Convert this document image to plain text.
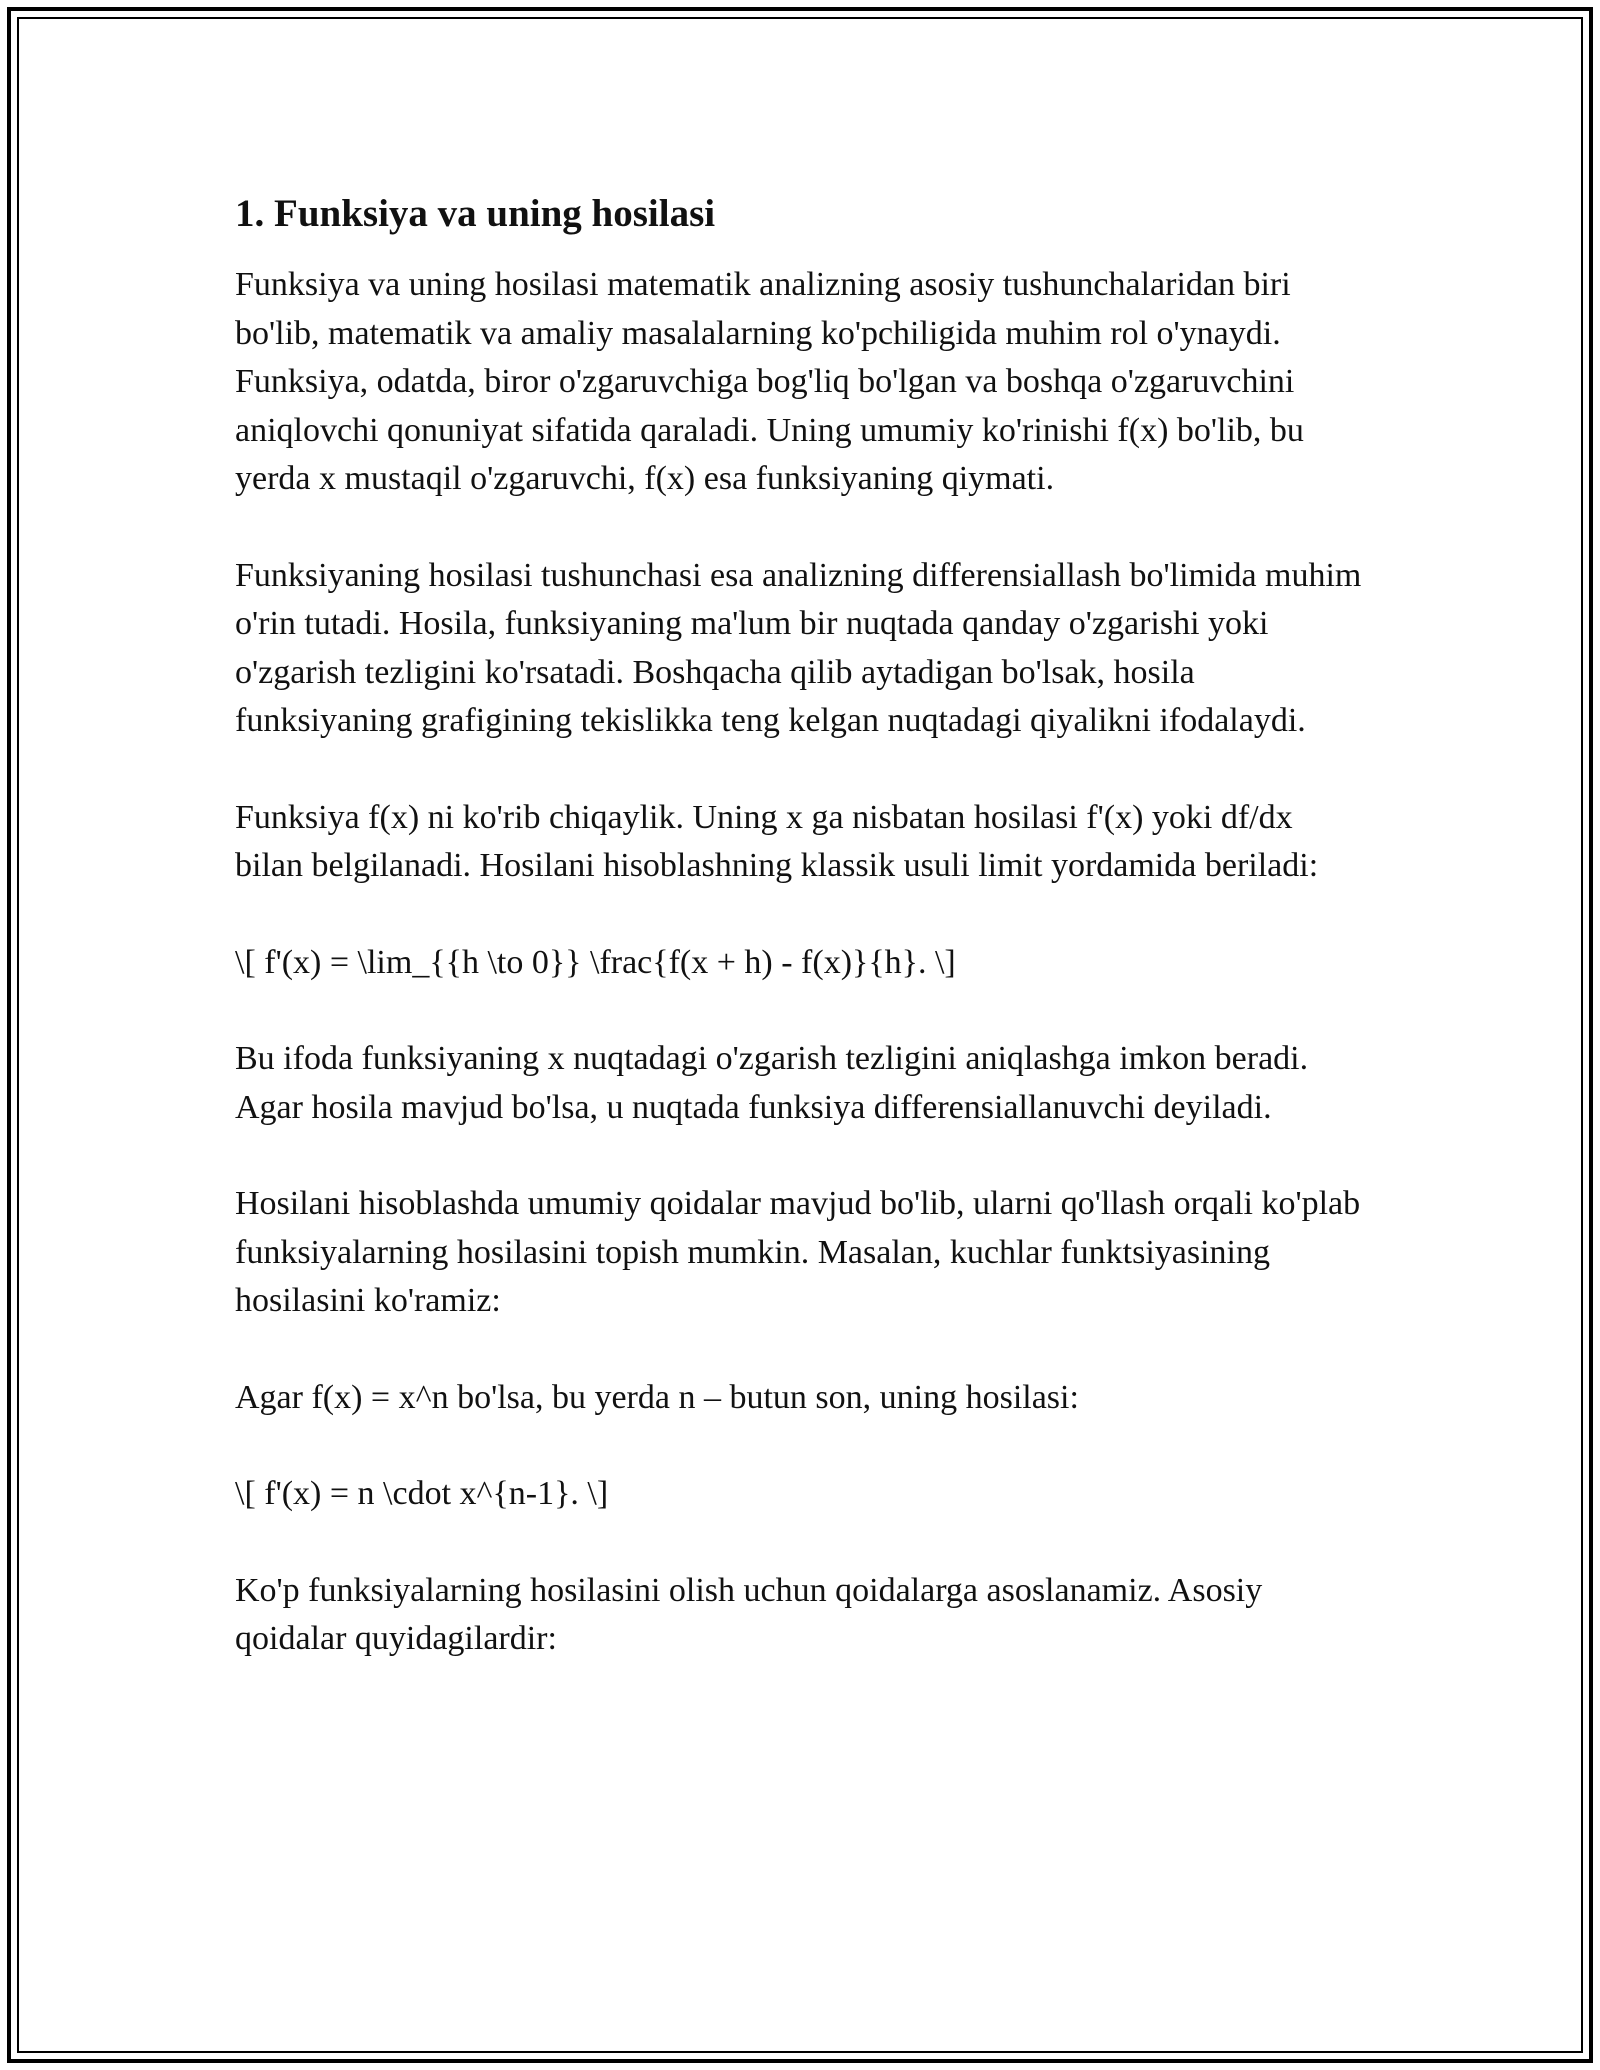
1. Funksiya va uning hosilasi

Funksiya va uning hosilasi matematik analizning asosiy tushunchalaridan biri bo'lib, matematik va amaliy masalalarning ko'pchiligida muhim rol o'ynaydi. Funksiya, odatda, biror o'zgaruvchiga bog'liq bo'lgan va boshqa o'zgaruvchini aniqlovchi qonuniyat sifatida qaraladi. Uning umumiy ko'rinishi f(x) bo'lib, bu yerda x mustaqil o'zgaruvchi, f(x) esa funksiyaning qiymati.

Funksiyaning hosilasi tushunchasi esa analizning differensiallash bo'limida muhim o'rin tutadi. Hosila, funksiyaning ma'lum bir nuqtada qanday o'zgarishi yoki o'zgarish tezligini ko'rsatadi. Boshqacha qilib aytadigan bo'lsak, hosila funksiyaning grafigining tekislikka teng kelgan nuqtadagi qiyalikni ifodalaydi.

Funksiya f(x) ni ko'rib chiqaylik. Uning x ga nisbatan hosilasi f'(x) yoki df/dx bilan belgilanadi. Hosilani hisoblashning klassik usuli limit yordamida beriladi:

\[ f'(x) = \lim_{{h \to 0}} \frac{f(x + h) - f(x)}{h}. \]

Bu ifoda funksiyaning x nuqtadagi o'zgarish tezligini aniqlashga imkon beradi. Agar hosila mavjud bo'lsa, u nuqtada funksiya differensiallanuvchi deyiladi.

Hosilani hisoblashda umumiy qoidalar mavjud bo'lib, ularni qo'llash orqali ko'plab funksiyalarning hosilasini topish mumkin. Masalan, kuchlar funktsiyasining hosilasini ko'ramiz:

Agar f(x) = x^n bo'lsa, bu yerda n – butun son, uning hosilasi:

\[ f'(x) = n \cdot x^{n-1}. \]

Ko'p funksiyalarning hosilasini olish uchun qoidalarga asoslanamiz. Asosiy qoidalar quyidagilardir:
